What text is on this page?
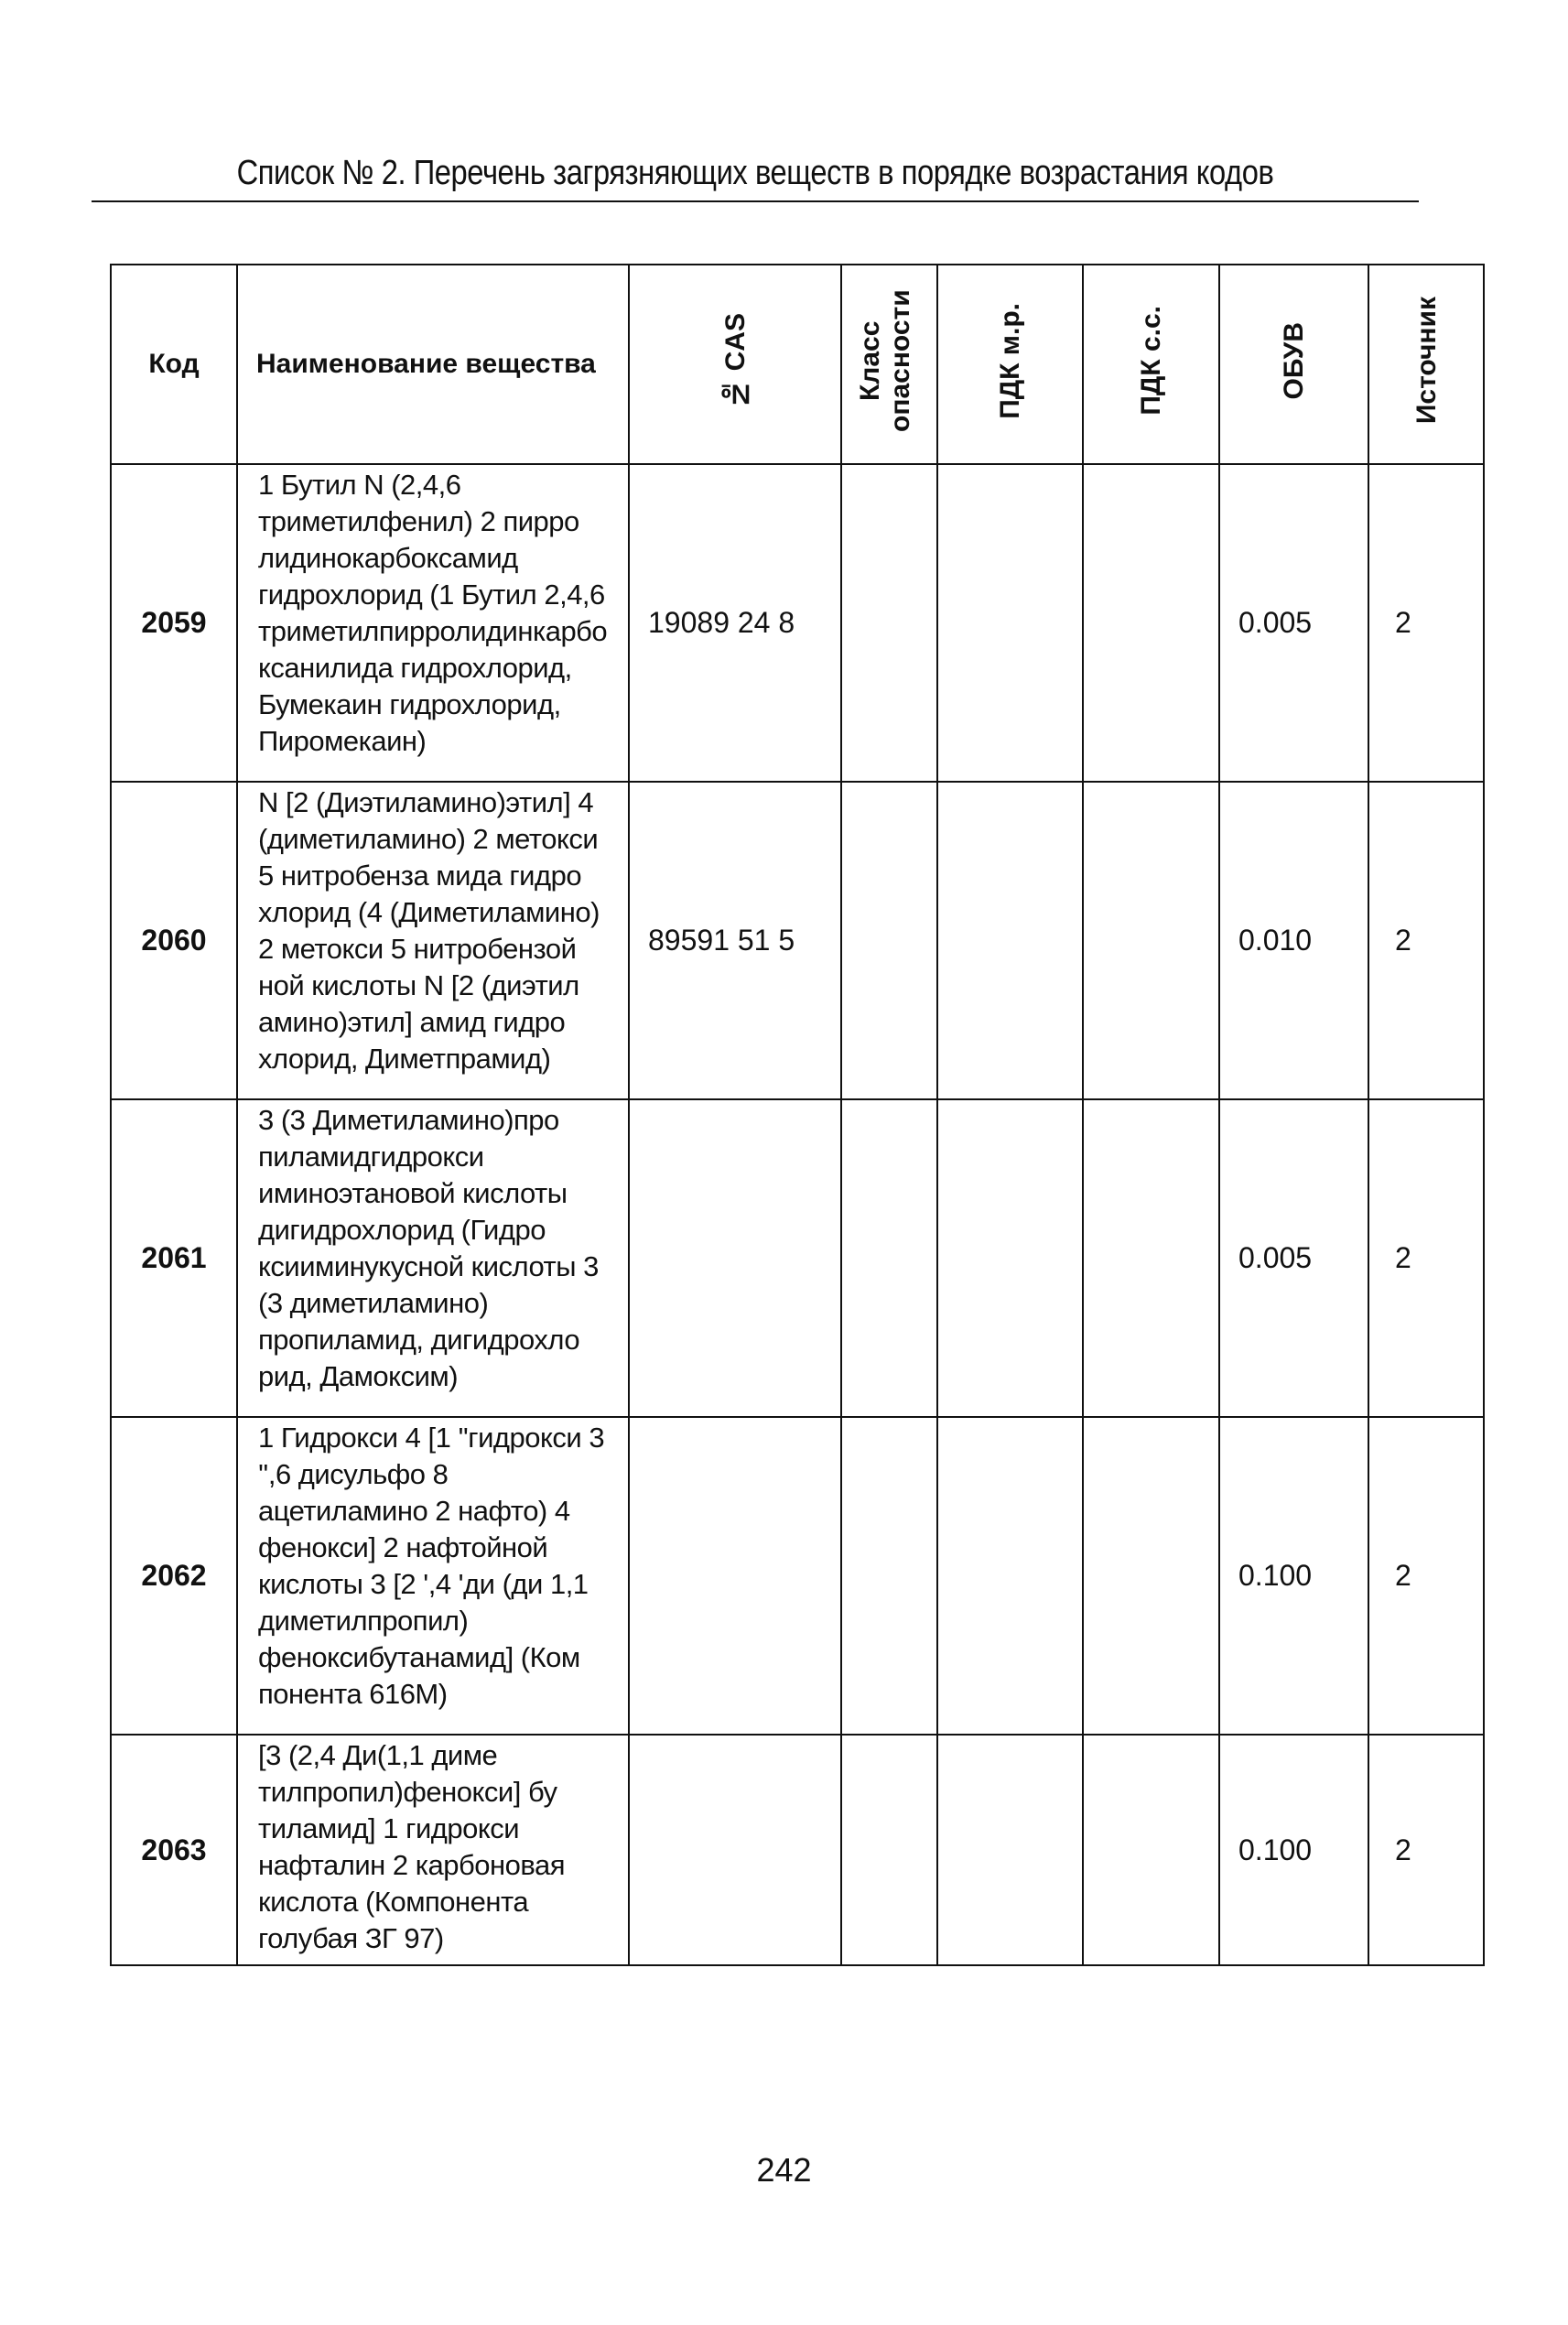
Список № 2. Перечень загрязняющих веществ в порядке возрастания кодов
Код	Наименование вещества	№ CAS	Класс опасности	ПДК м.р.	ПДК с.с.	ОБУВ	Источник
2059	1 Бутил N (2,4,6 триметилфенил) 2 пирро лидинокарбоксамид гидрохлорид (1 Бутил 2,4,6 триметилпирролидинкарбо ксанилида гидрохлорид, Бумекаин гидрохлорид, Пиромекаин)	19089 24 8				0.005	2
2060	N [2 (Диэтиламино)этил] 4 (диметиламино) 2 метокси 5 нитробенза мида гидро хлорид (4 (Диметиламино) 2 метокси 5 нитробензой ной кислоты N [2 (диэтил амино)этил] амид гидро хлорид, Диметпрамид)	89591 51 5				0.010	2
2061	3 (3 Диметиламино)про пиламидгидрокси иминоэтановой кислоты дигидрохлорид (Гидро ксииминукусной кислоты 3 (3 диметиламино) пропиламид, дигидрохло рид, Дамоксим)					0.005	2
2062	1 Гидрокси 4 [1 ''гидрокси 3 '',6 дисульфо 8 ацетиламино 2 нафто) 4 фенокси] 2 нафтойной кислоты 3 [2 ',4 'ди (ди 1,1 диметилпропил) феноксибутанамид] (Ком понента 616М)					0.100	2
2063	[3 (2,4 Ди(1,1 диме тилпропил)фенокси] бу тиламид] 1 гидрокси нафталин 2 карбоновая кислота (Компонента голубая ЗГ 97)					0.100	2
242
